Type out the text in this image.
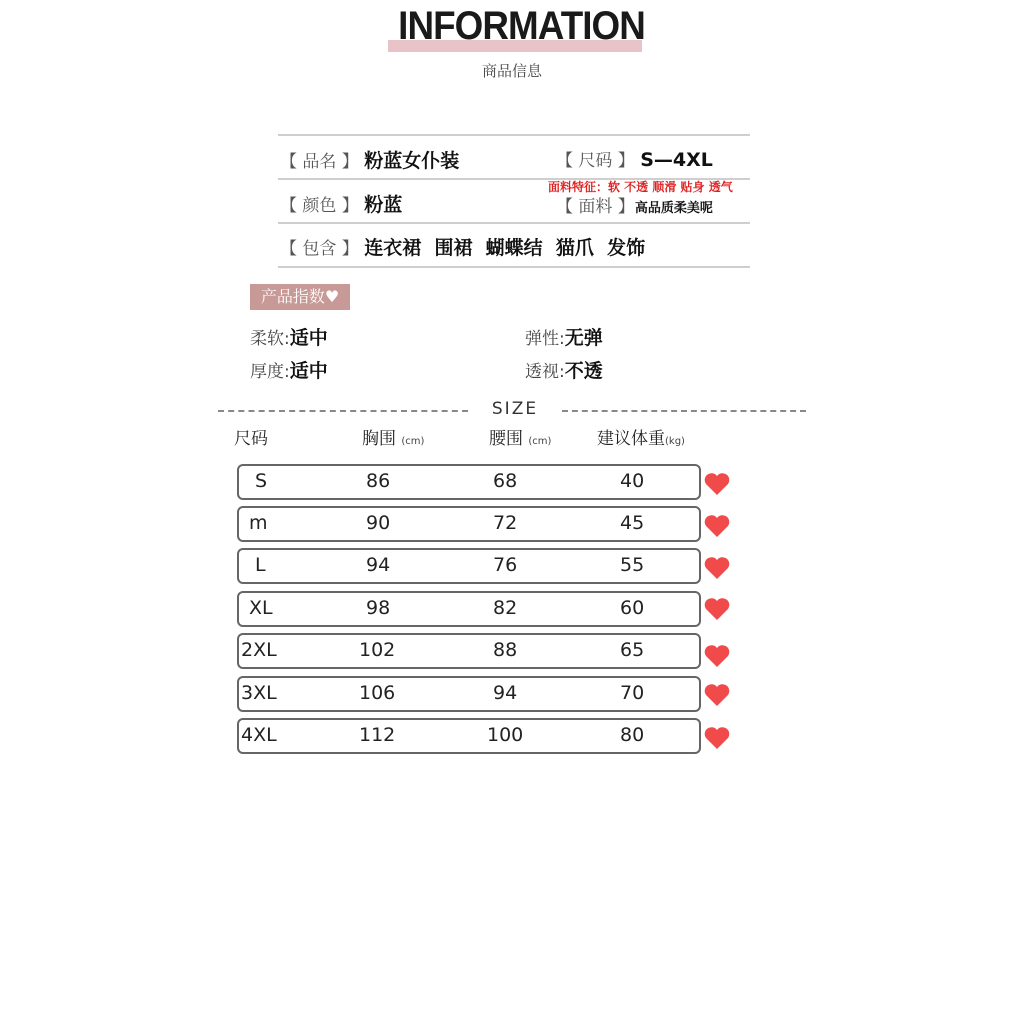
INFORMATION
商品信息
【 品名 】 粉蓝女仆装	【 尺码 】 S—4XL
【 颜色 】 粉蓝
面料特征：软 不透 顺滑 贴身 透气
【 面料 】高品质柔美呢
【 包含 】 连衣裙  围裙  蝴蝶结  猫爪  发饰
产品指数♥
柔软:适中	弹性:无弹
厚度:适中	透视:不透
SIZE
尺码	胸围 (cm)	腰围 (cm)	建议体重(kg)
S	86	68	40
m	90	72	45
L	94	76	55
XL	98	82	60
2XL	102	88	65
3XL	106	94	70
4XL	112	100	80
